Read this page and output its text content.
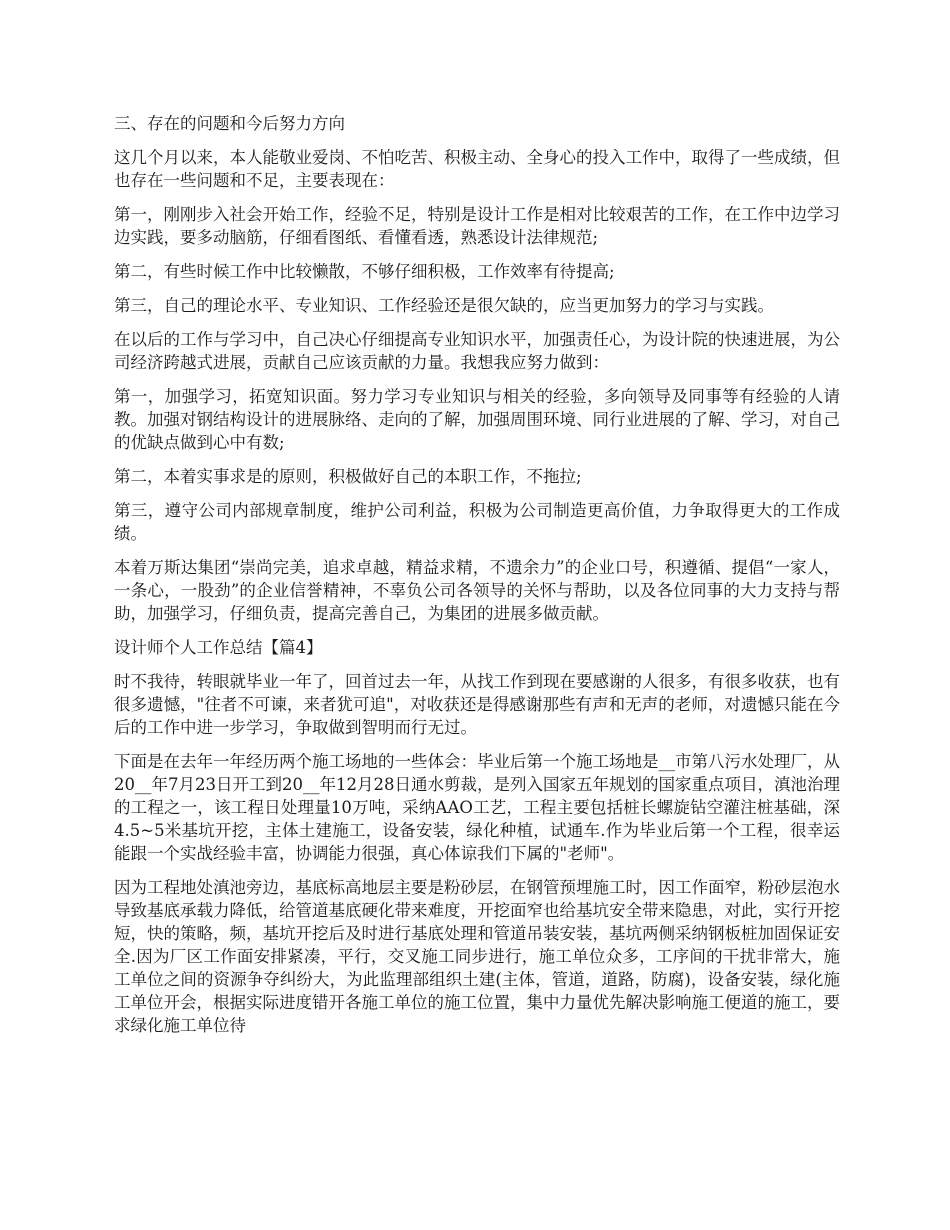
三、存在的问题和今后努力方向

这几个月以来，本人能敬业爱岗、不怕吃苦、积极主动、全身心的投入工作中，取得了一些成绩，但也存在一些问题和不足，主要表现在：

第一，刚刚步入社会开始工作，经验不足，特别是设计工作是相对比较艰苦的工作，在工作中边学习边实践，要多动脑筋，仔细看图纸、看懂看透，熟悉设计法律规范;

第二，有些时候工作中比较懒散，不够仔细积极，工作效率有待提高;

第三，自己的理论水平、专业知识、工作经验还是很欠缺的，应当更加努力的学习与实践。

在以后的工作与学习中，自己决心仔细提高专业知识水平，加强责任心，为设计院的快速进展，为公司经济跨越式进展，贡献自己应该贡献的力量。我想我应努力做到：

第一，加强学习，拓宽知识面。努力学习专业知识与相关的经验，多向领导及同事等有经验的人请教。加强对钢结构设计的进展脉络、走向的了解，加强周围环境、同行业进展的了解、学习，对自己的优缺点做到心中有数;

第二，本着实事求是的原则，积极做好自己的本职工作，不拖拉;

第三，遵守公司内部规章制度，维护公司利益，积极为公司制造更高价值，力争取得更大的工作成绩。

本着万斯达集团“崇尚完美，追求卓越，精益求精，不遗余力”的企业口号，积遵循、提倡“一家人，一条心，一股劲”的企业信誉精神，不辜负公司各领导的关怀与帮助，以及各位同事的大力支持与帮助，加强学习，仔细负责，提高完善自己，为集团的进展多做贡献。

设计师个人工作总结【篇4】

时不我待，转眼就毕业一年了，回首过去一年，从找工作到现在要感谢的人很多，有很多收获，也有很多遗憾，"往者不可谏，来者犹可追"，对收获还是得感谢那些有声和无声的老师，对遗憾只能在今后的工作中进一步学习，争取做到智明而行无过。

下面是在去年一年经历两个施工场地的一些体会：毕业后第一个施工场地是__市第八污水处理厂，从20__年7月23日开工到20__年12月28日通水剪裁，是列入国家五年规划的国家重点项目，滇池治理的工程之一，该工程日处理量10万吨，采纳AAO工艺，工程主要包括桩长螺旋钻空灌注桩基础，深4.5~5米基坑开挖，主体土建施工，设备安装，绿化种植，试通车.作为毕业后第一个工程，很幸运能跟一个实战经验丰富，协调能力很强，真心体谅我们下属的"老师"。

因为工程地处滇池旁边，基底标高地层主要是粉砂层，在钢管预埋施工时，因工作面窄，粉砂层泡水导致基底承载力降低，给管道基底硬化带来难度，开挖面窄也给基坑安全带来隐患，对此，实行开挖短，快的策略，频，基坑开挖后及时进行基底处理和管道吊装安装，基坑两侧采纳钢板桩加固保证安全.因为厂区工作面安排紧凑，平行，交叉施工同步进行，施工单位众多，工序间的干扰非常大，施工单位之间的资源争夺纠纷大，为此监理部组织土建(主体，管道，道路，防腐)，设备安装，绿化施工单位开会，根据实际进度错开各施工单位的施工位置，集中力量优先解决影响施工便道的施工，要求绿化施工单位待
